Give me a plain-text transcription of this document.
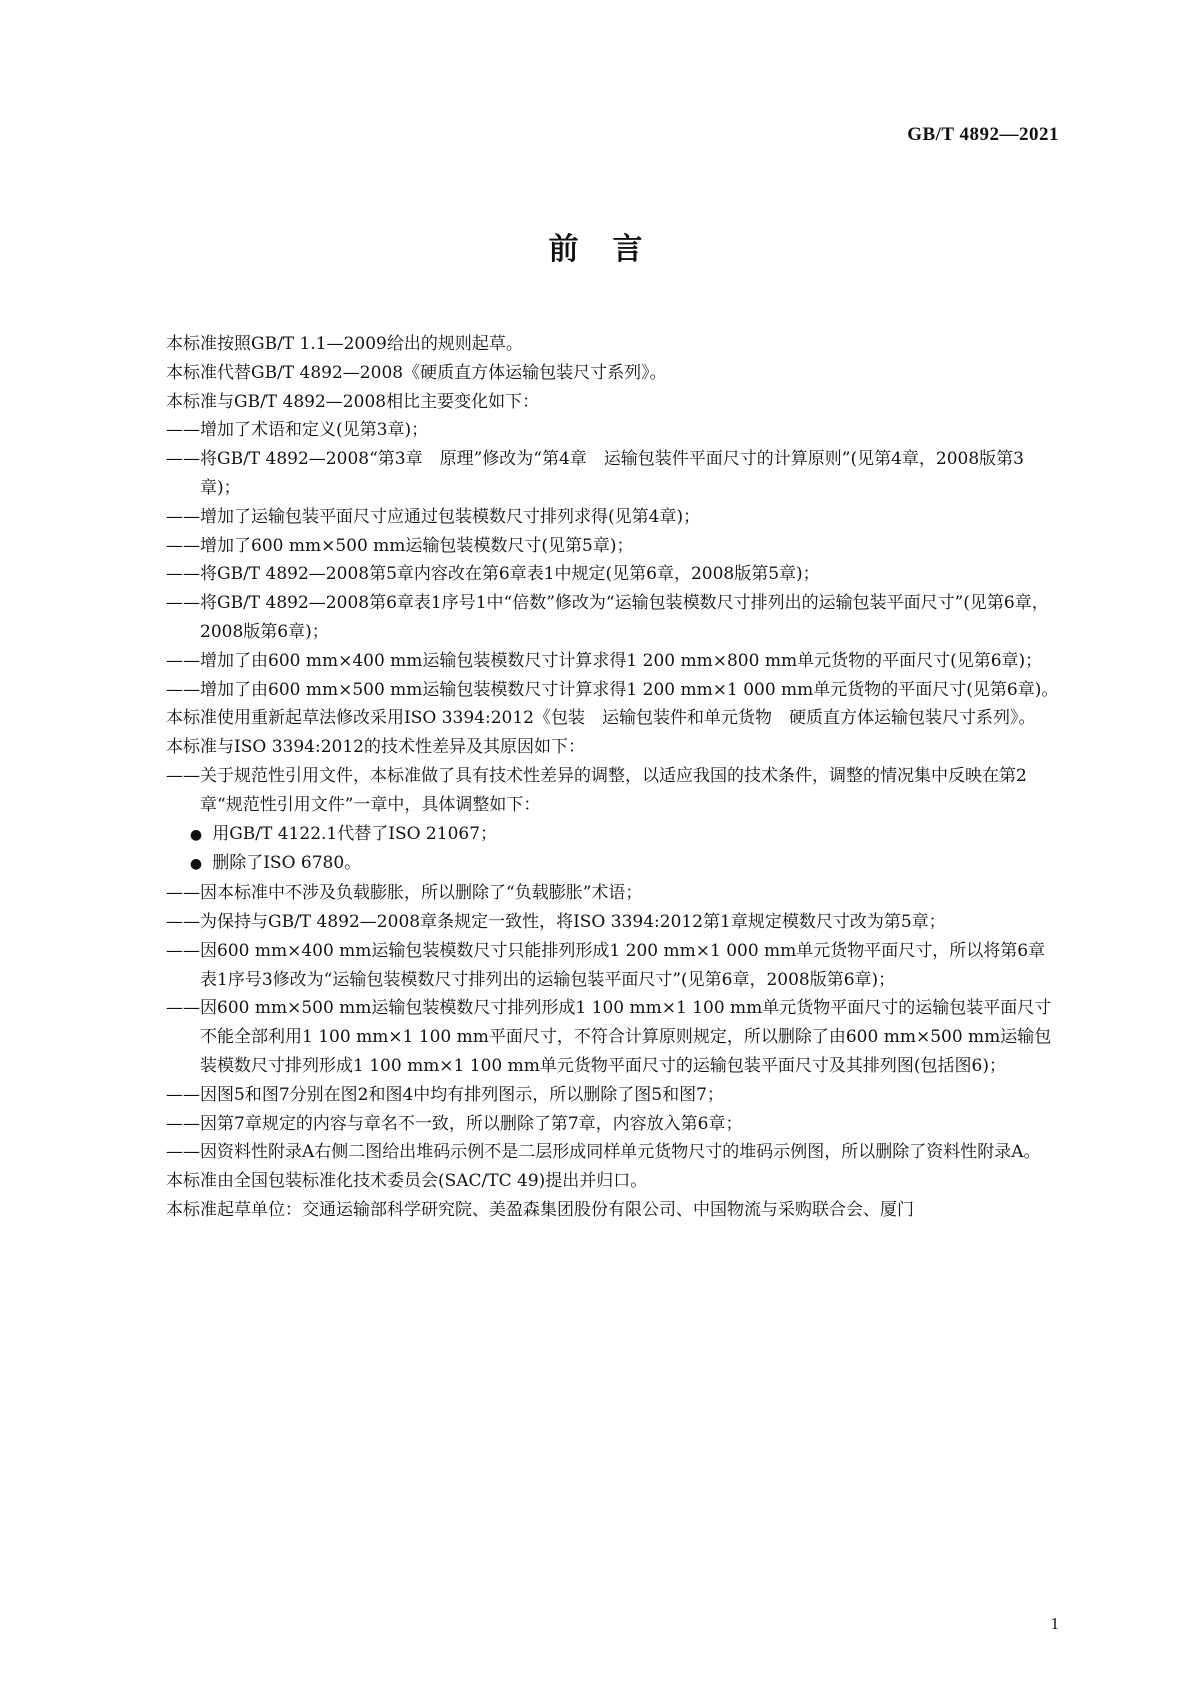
GB/T 4892—2021
前言

本标准按照GB/T 1.1—2009给出的规则起草。

本标准代替GB/T 4892—2008《硬质直方体运输包装尺寸系列》。

本标准与GB/T 4892—2008相比主要变化如下：

——增加了术语和定义(见第3章)；

——将GB/T 4892—2008“第3章　原理”修改为“第4章　运输包装件平面尺寸的计算原则”(见第4章，2008版第3章)；

——增加了运输包装平面尺寸应通过包装模数尺寸排列求得(见第4章)；

——增加了600 mm×500 mm运输包装模数尺寸(见第5章)；

——将GB/T 4892—2008第5章内容改在第6章表1中规定(见第6章，2008版第5章)；

——将GB/T 4892—2008第6章表1序号1中“倍数”修改为“运输包装模数尺寸排列出的运输包装平面尺寸”(见第6章，2008版第6章)；

——增加了由600 mm×400 mm运输包装模数尺寸计算求得1 200 mm×800 mm单元货物的平面尺寸(见第6章)；

——增加了由600 mm×500 mm运输包装模数尺寸计算求得1 200 mm×1 000 mm单元货物的平面尺寸(见第6章)。

本标准使用重新起草法修改采用ISO 3394:2012《包装　运输包装件和单元货物　硬质直方体运输包装尺寸系列》。

本标准与ISO 3394:2012的技术性差异及其原因如下：

——关于规范性引用文件，本标准做了具有技术性差异的调整，以适应我国的技术条件，调整的情况集中反映在第2章“规范性引用文件”一章中，具体调整如下：

● 用GB/T 4122.1代替了ISO 21067；

● 删除了ISO 6780。

——因本标准中不涉及负载膨胀，所以删除了“负载膨胀”术语；

——为保持与GB/T 4892—2008章条规定一致性，将ISO 3394:2012第1章规定模数尺寸改为第5章；

——因600 mm×400 mm运输包装模数尺寸只能排列形成1 200 mm×1 000 mm单元货物平面尺寸，所以将第6章表1序号3修改为“运输包装模数尺寸排列出的运输包装平面尺寸”(见第6章，2008版第6章)；

——因600 mm×500 mm运输包装模数尺寸排列形成1 100 mm×1 100 mm单元货物平面尺寸的运输包装平面尺寸不能全部利用1 100 mm×1 100 mm平面尺寸，不符合计算原则规定，所以删除了由600 mm×500 mm运输包装模数尺寸排列形成1 100 mm×1 100 mm单元货物平面尺寸的运输包装平面尺寸及其排列图(包括图6)；

——因图5和图7分别在图2和图4中均有排列图示，所以删除了图5和图7；

——因第7章规定的内容与章名不一致，所以删除了第7章，内容放入第6章；

——因资料性附录A右侧二图给出堆码示例不是二层形成同样单元货物尺寸的堆码示例图，所以删除了资料性附录A。

本标准由全国包装标准化技术委员会(SAC/TC 49)提出并归口。

本标准起草单位：交通运输部科学研究院、美盈森集团股份有限公司、中国物流与采购联合会、厦门

1
